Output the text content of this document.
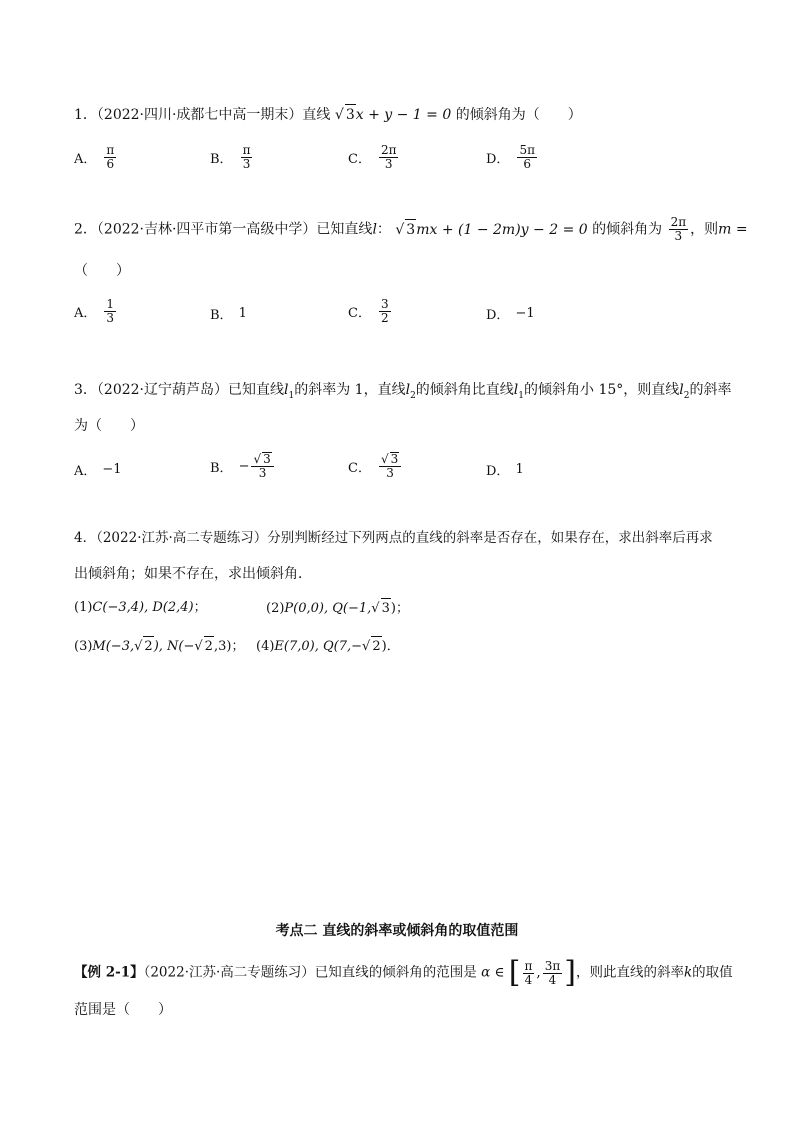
1．（2022·四川·成都七中高一期末）直线 √ 3x + y − 1 = 0 的倾斜角为（　　）
A． $\frac{\pi}{6}$	B． $\frac{\pi}{3}$	C． $\frac{2\pi}{3}$	D． $\frac{5\pi}{6}$
2．（2022·吉林·四平市第一高级中学）已知直线l： √ 3mx + (1 − 2m)y − 2 = 0 的倾斜角为 $\frac{2\pi}{3}$ ，则m =
（　　）
A． $\frac{1}{3}$	B． 1	C． $\frac{3}{2}$	D． −1
3．（2022·辽宁葫芦岛）已知直线$l_1$的斜率为 1，直线$l_2$的倾斜角比直线$l_1$的倾斜角小 15°，则直线$l_2$的斜率
为（　　）
A． −1	B． − $\frac{√ 3}{3}$	C． $\frac{√ 3}{3}$	D． 1
4．（2022·江苏·高二专题练习）分别判断经过下列两点的直线的斜率是否存在，如果存在，求出斜率后再求
出倾斜角；如果不存在，求出倾斜角．
(1)C(−3,4), D(2,4)；	(2)P(0,0), Q(−1,√ 3)；
(3)M(−3,√ 2), N(−√ 2,3)； (4)E(7,0), Q(7,−√ 2)．
考点二 直线的斜率或倾斜角的取值范围
【例 2-1】（2022·江苏·高二专题练习）已知直线的倾斜角的范围是 α ∈ [ $\frac{\pi}{4}$ , $\frac{3\pi}{4}$ ]，则此直线的斜率k的取值
范围是（　　）
